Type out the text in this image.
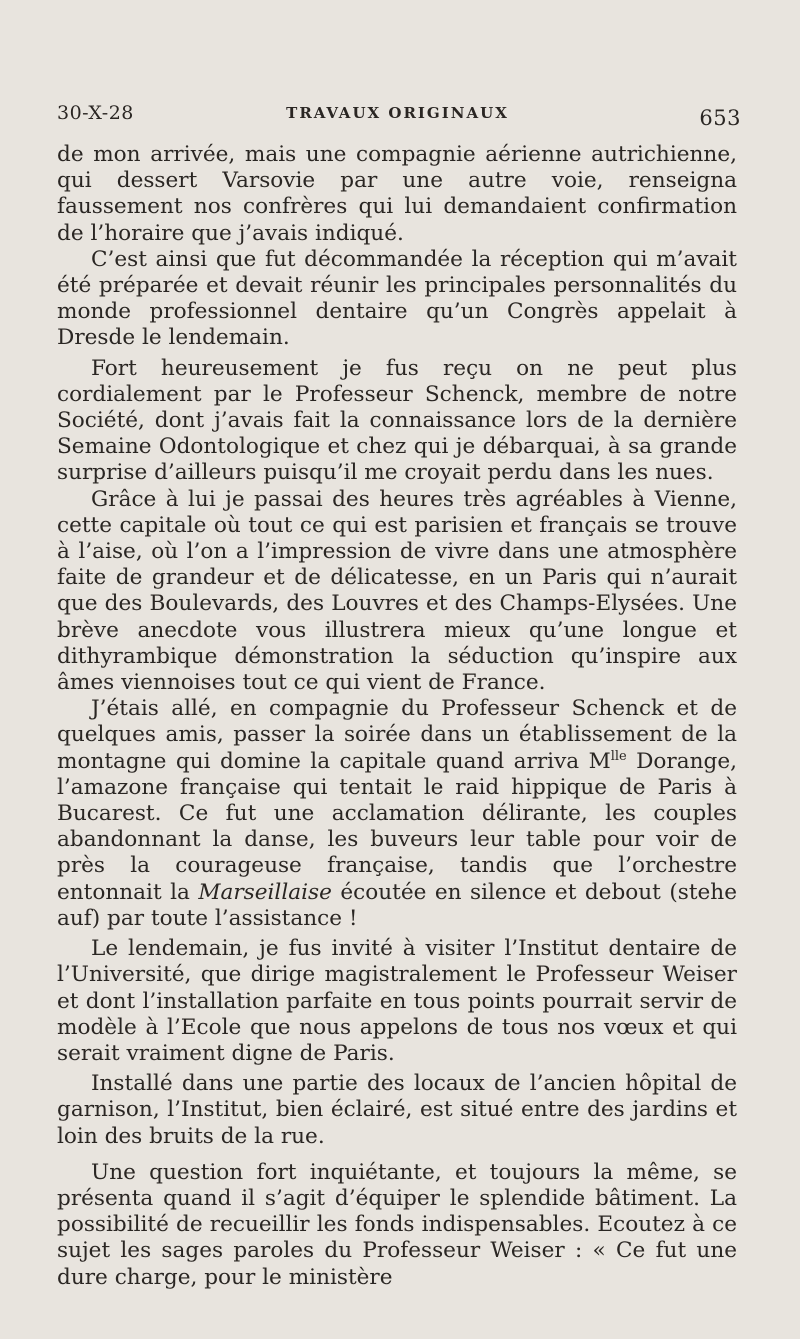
30-X-28	TRAVAUX ORIGINAUX	653

de mon arrivée, mais une compagnie aérienne autrichienne, qui dessert Varsovie par une autre voie, renseigna faussement nos confrères qui lui demandaient confirmation de l’horaire que j’avais indiqué.

C’est ainsi que fut décommandée la réception qui m’avait été préparée et devait réunir les principales personnalités du monde professionnel dentaire qu’un Congrès appelait à Dresde le lendemain.

Fort heureusement je fus reçu on ne peut plus cordialement par le Professeur Schenck, membre de notre Société, dont j’avais fait la connaissance lors de la dernière Semaine Odontologique et chez qui je débarquai, à sa grande surprise d’ailleurs puisqu’il me croyait perdu dans les nues.

Grâce à lui je passai des heures très agréables à Vienne, cette capitale où tout ce qui est parisien et français se trouve à l’aise, où l’on a l’impression de vivre dans une atmosphère faite de grandeur et de délicatesse, en un Paris qui n’aurait que des Boulevards, des Louvres et des Champs-Elysées. Une brève anecdote vous illustrera mieux qu’une longue et dithyrambique démonstration la séduction qu’inspire aux âmes viennoises tout ce qui vient de France.

J’étais allé, en compagnie du Professeur Schenck et de quelques amis, passer la soirée dans un établissement de la montagne qui domine la capitale quand arriva $M^{lle}$ Dorange, l’amazone française qui tentait le raid hippique de Paris à Bucarest. Ce fut une acclamation délirante, les couples abandonnant la danse, les buveurs leur table pour voir de près la courageuse française, tandis que l’orchestre entonnait la Marseillaise écoutée en silence et debout (stehe auf) par toute l’assistance !

Le lendemain, je fus invité à visiter l’Institut dentaire de l’Université, que dirige magistralement le Professeur Weiser et dont l’installation parfaite en tous points pourrait servir de modèle à l’Ecole que nous appelons de tous nos vœux et qui serait vraiment digne de Paris.

Installé dans une partie des locaux de l’ancien hôpital de garnison, l’Institut, bien éclairé, est situé entre des jardins et loin des bruits de la rue.

Une question fort inquiétante, et toujours la même, se présenta quand il s’agit d’équiper le splendide bâtiment. La possibilité de recueillir les fonds indispensables. Ecoutez à ce sujet les sages paroles du Professeur Weiser : « Ce fut une dure charge, pour le ministère
